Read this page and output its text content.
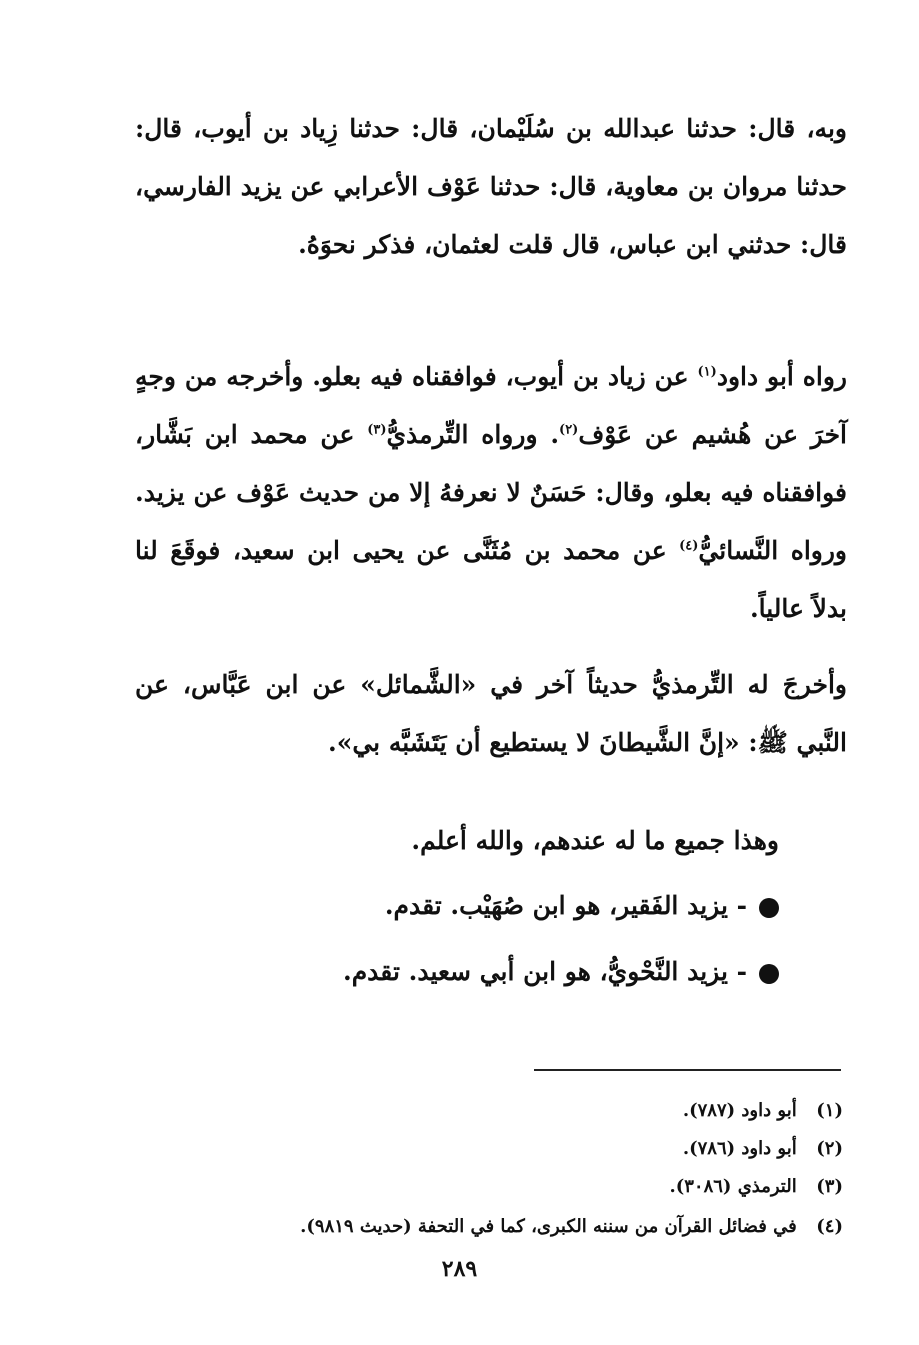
وبه، قال: حدثنا عبدالله بن سُلَيْمان، قال: حدثنا زِياد بن أيوب، قال: حدثنا مروان بن معاوية، قال: حدثنا عَوْف الأعرابي عن يزيد الفارسي، قال: حدثني ابن عباس، قال قلت لعثمان، فذكر نحوَهُ.
رواه أبو داود$^{(١)}$ عن زياد بن أيوب، فوافقناه فيه بعلو. وأخرجه من وجهٍ آخرَ عن هُشيم عن عَوْف$^{(٢)}$. ورواه التِّرمذيُّ$^{(٣)}$ عن محمد ابن بَشَّار، فوافقناه فيه بعلو، وقال: حَسَنٌ لا نعرفهُ إلا من حديث عَوْف عن يزيد. ورواه النَّسائيُّ$^{(٤)}$ عن محمد بن مُثَنَّى عن يحيى ابن سعيد، فوقَعَ لنا بدلاً عالياً.
وأخرجَ له التِّرمذيُّ حديثاً آخر في «الشَّمائل» عن ابن عَبَّاس، عن النَّبي ﷺ: «إنَّ الشَّيطانَ لا يستطيع أن يَتَشَبَّه بي».
وهذا جميع ما له عندهم، والله أعلم.
- يزيد الفَقير، هو ابن صُهَيْب. تقدم.
- يزيد النَّحْويُّ، هو ابن أبي سعيد. تقدم.
(١) أبو داود (٧٨٧).
(٢) أبو داود (٧٨٦).
(٣) الترمذي (٣٠٨٦).
(٤) في فضائل القرآن من سننه الكبرى، كما في التحفة (حديث ٩٨١٩).
٢٨٩
